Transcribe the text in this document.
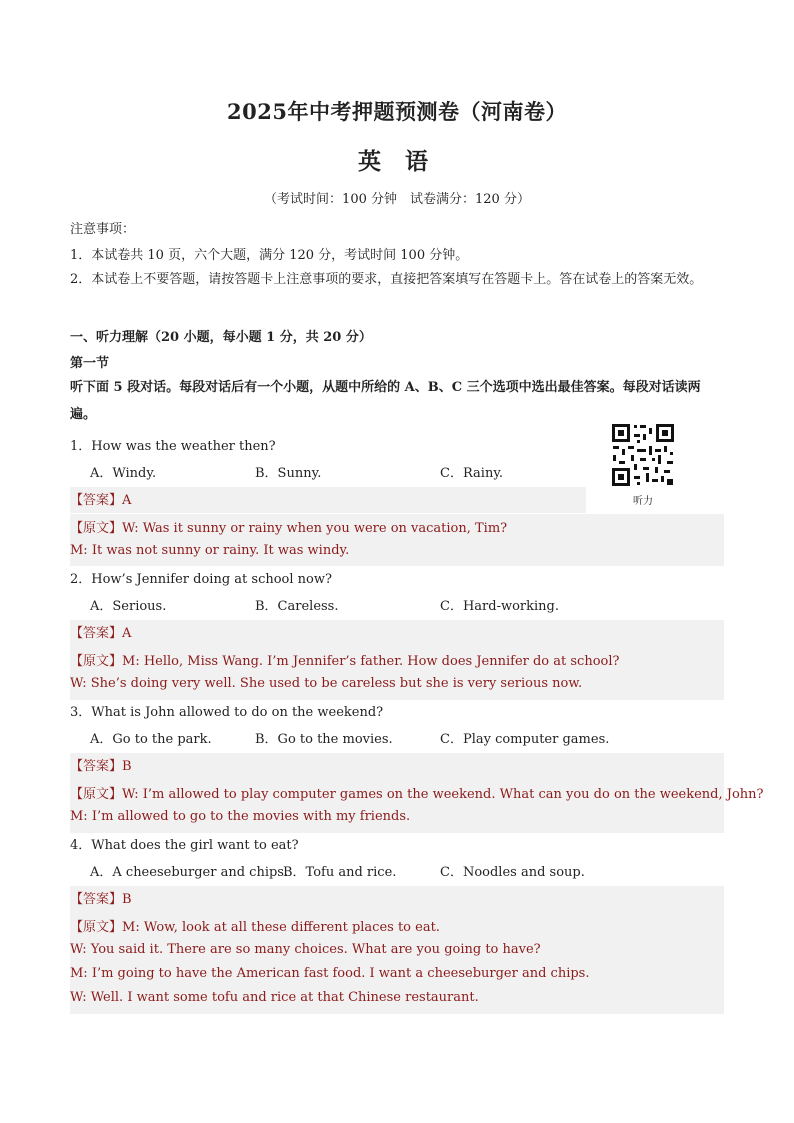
2025年中考押题预测卷（河南卷）
英 语
（考试时间：100 分钟　试卷满分：120 分）
注意事项：
1．本试卷共 10 页，六个大题，满分 120 分，考试时间 100 分钟。
2．本试卷上不要答题，请按答题卡上注意事项的要求，直接把答案填写在答题卡上。答在试卷上的答案无效。
一、听力理解（20 小题，每小题 1 分，共 20 分）
第一节
听下面 5 段对话。每段对话后有一个小题，从题中所给的 A、B、C 三个选项中选出最佳答案。每段对话读两遍。
听力
1．How was the weather then?
A．Windy.	B．Sunny.	C．Rainy.
【答案】A
【原文】W: Was it sunny or rainy when you were on vacation, Tim?
M: It was not sunny or rainy. It was windy.
2．How’s Jennifer doing at school now?
A．Serious.	B．Careless.	C．Hard-working.
【答案】A
【原文】M: Hello, Miss Wang. I’m Jennifer’s father. How does Jennifer do at school?
W: She’s doing very well. She used to be careless but she is very serious now.
3．What is John allowed to do on the weekend?
A．Go to the park.	B．Go to the movies.	C．Play computer games.
【答案】B
【原文】W: I’m allowed to play computer games on the weekend. What can you do on the weekend, John?
M: I’m allowed to go to the movies with my friends.
4．What does the girl want to eat?
A．A cheeseburger and chips.
B．Tofu and rice.	C．Noodles and soup.
【答案】B
【原文】M: Wow, look at all these different places to eat.
W: You said it. There are so many choices. What are you going to have?
M: I’m going to have the American fast food. I want a cheeseburger and chips.
W: Well. I want some tofu and rice at that Chinese restaurant.
